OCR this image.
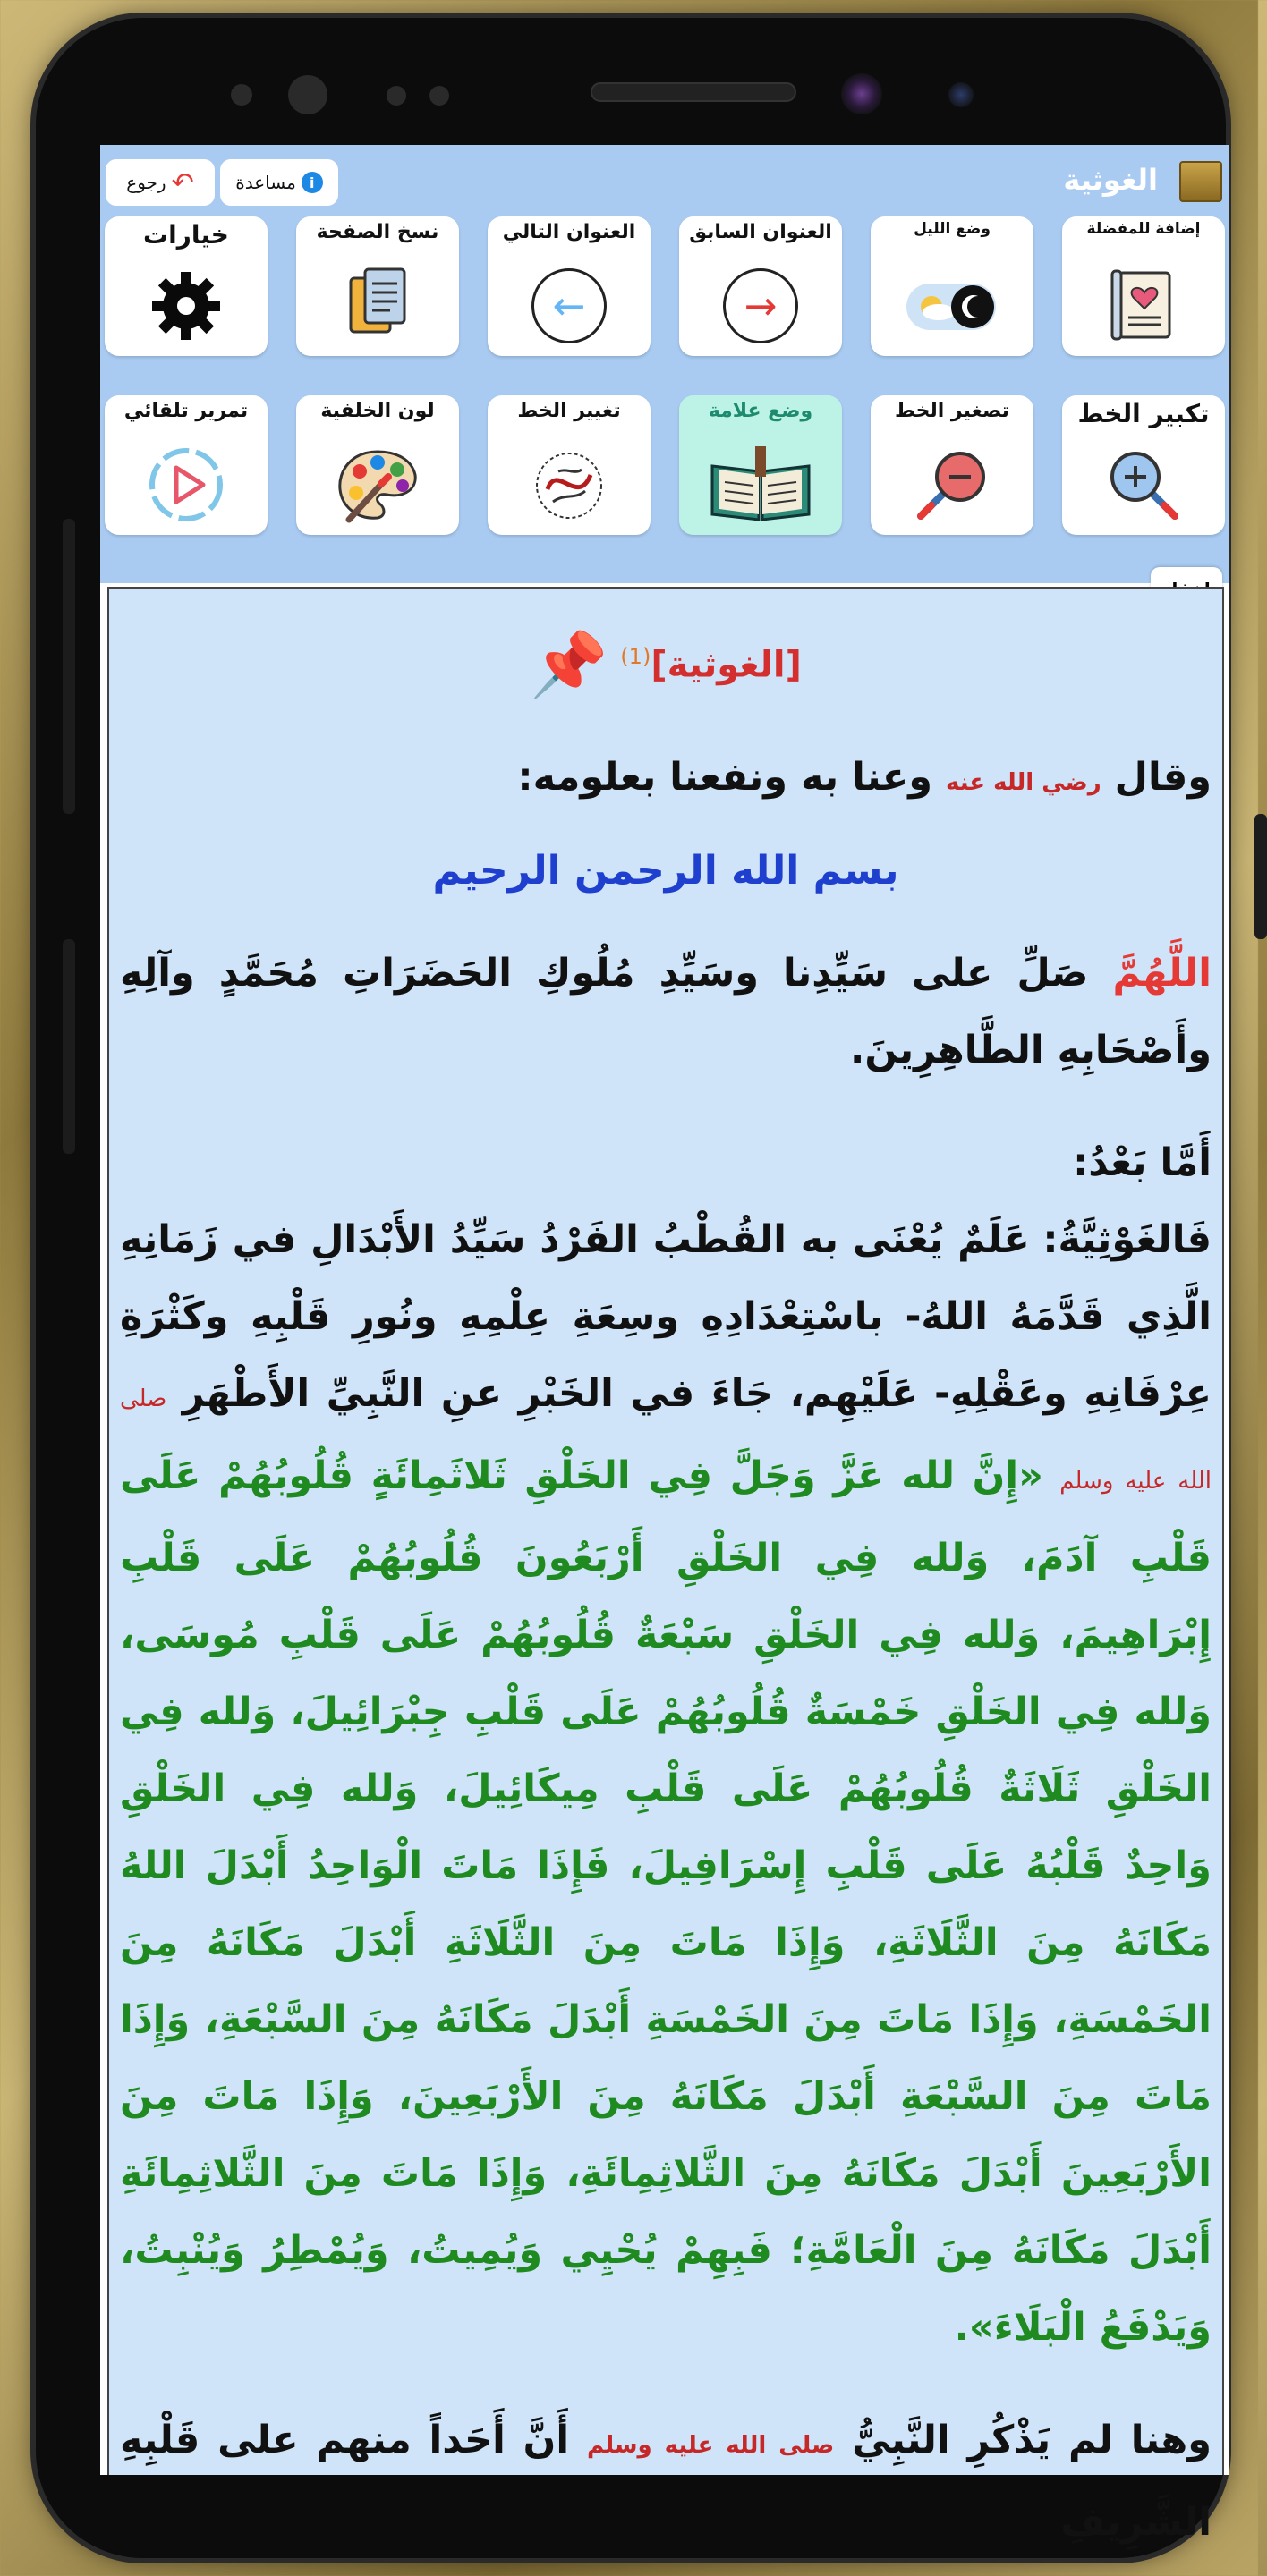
الغوثية
مساعدة i
رجوع ↶
إضافة للمفضلة
وضع الليل
العنوان السابق
→
العنوان التالي
←
نسخ الصفحة
خيارات
تكبير الخط
تصغير الخط
وضع علامة
تغيير الخط
لون الخلفية
تمرير تلقائي
[الغوثية]$^{(1)}$
📌
وقال رضي الله عنه وعنا به ونفعنا بعلومه:
بسم الله الرحمن الرحيم
اللَّهُمَّ صَلِّ على سَيِّدِنا وسَيِّدِ مُلُوكِ الحَضَرَاتِ مُحَمَّدٍ وآلِهِ وأَصْحَابِهِ الطَّاهِرِينَ.
أَمَّا بَعْدُ:
فَالغَوْثِيَّةُ: عَلَمٌ يُعْنَى به القُطْبُ الفَرْدُ سَيِّدُ الأَبْدَالِ في زَمَانِهِ الَّذِي قَدَّمَهُ اللهُ- باسْتِعْدَادِهِ وسِعَةِ عِلْمِهِ ونُورِ قَلْبِهِ وكَثْرَةِ عِرْفَانِهِ وعَقْلِهِ- عَلَيْهِم، جَاءَ في الخَبْرِ عنِ النَّبِيِّ الأَطْهَرِ صلى الله عليه وسلم «إِنَّ لله عَزَّ وَجَلَّ فِي الخَلْقِ ثَلاثَمِائَةٍ قُلُوبُهُمْ عَلَى قَلْبِ آدَمَ، وَلله فِي الخَلْقِ أَرْبَعُونَ قُلُوبُهُمْ عَلَى قَلْبِ إِبْرَاهِيمَ، وَلله فِي الخَلْقِ سَبْعَةٌ قُلُوبُهُمْ عَلَى قَلْبِ مُوسَى، وَلله فِي الخَلْقِ خَمْسَةٌ قُلُوبُهُمْ عَلَى قَلْبِ جِبْرَائِيلَ، وَلله فِي الخَلْقِ ثَلَاثَةٌ قُلُوبُهُمْ عَلَى قَلْبِ مِيكَائِيلَ، وَلله فِي الخَلْقِ وَاحِدٌ قَلْبُهُ عَلَى قَلْبِ إِسْرَافِيلَ، فَإِذَا مَاتَ الْوَاحِدُ أَبْدَلَ اللهُ مَكَانَهُ مِنَ الثَّلَاثَةِ، وَإِذَا مَاتَ مِنَ الثَّلَاثَةِ أَبْدَلَ مَكَانَهُ مِنَ الخَمْسَةِ، وَإِذَا مَاتَ مِنَ الخَمْسَةِ أَبْدَلَ مَكَانَهُ مِنَ السَّبْعَةِ، وَإِذَا مَاتَ مِنَ السَّبْعَةِ أَبْدَلَ مَكَانَهُ مِنَ الأَرْبَعِينَ، وَإِذَا مَاتَ مِنَ الأَرْبَعِينَ أَبْدَلَ مَكَانَهُ مِنَ الثَّلاثِمِائَةِ، وَإِذَا مَاتَ مِنَ الثَّلاثِمِائَةِ أَبْدَلَ مَكَانَهُ مِنَ الْعَامَّةِ؛ فَبِهِمْ يُحْيِي وَيُمِيتُ، وَيُمْطِرُ وَيُنْبِتُ، وَيَدْفَعُ الْبَلَاءَ».
وهنا لم يَذْكُرِ النَّبِيُّ صلى الله عليه وسلم أَنَّ أَحَداً منهم على قَلْبِهِ الشَّرِيفِ
